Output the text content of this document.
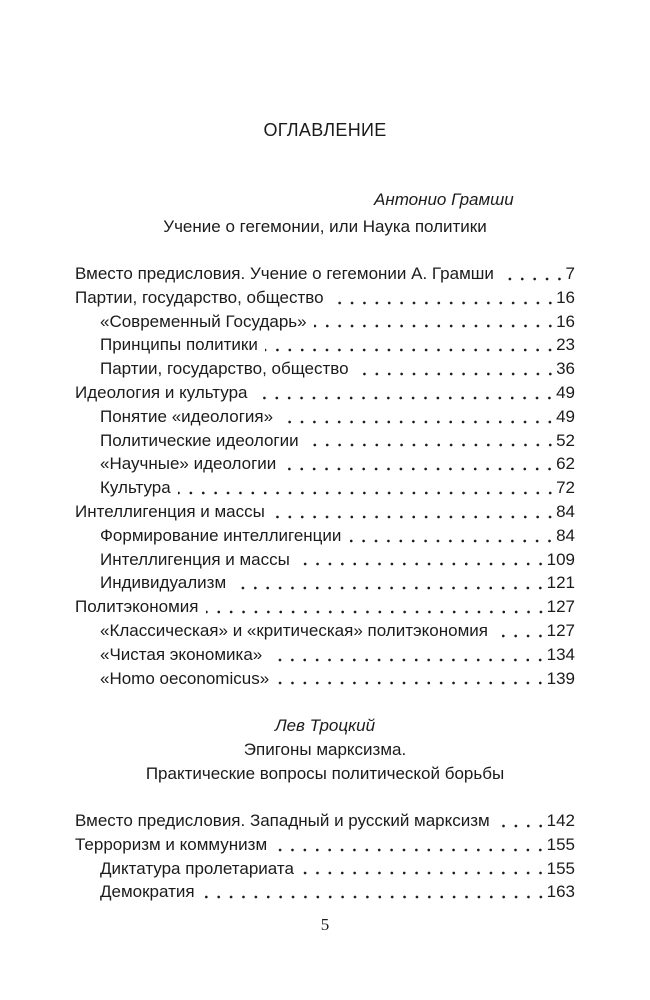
ОГЛАВЛЕНИЕ
Антонио Грамши
Учение о гегемонии, или Наука политики
Вместо предисловия. Учение о гегемонии А. Грамши	7
Партии, государство, общество	16
«Современный Государь»	16
Принципы политики	23
Партии, государство, общество	36
Идеология и культура	49
Понятие «идеология»	49
Политические идеологии	52
«Научные» идеологии	62
Культура	72
Интеллигенция и массы	84
Формирование интеллигенции	84
Интеллигенция и массы	109
Индивидуализм	121
Политэкономия	127
«Классическая» и «критическая» политэкономия	127
«Чистая экономика»	134
«Homo oeconomicus»	139
Лев Троцкий
Эпигоны марксизма.
Практические вопросы политической борьбы
Вместо предисловия. Западный и русский марксизм	142
Терроризм и коммунизм	155
Диктатура пролетариата	155
Демократия	163
5
